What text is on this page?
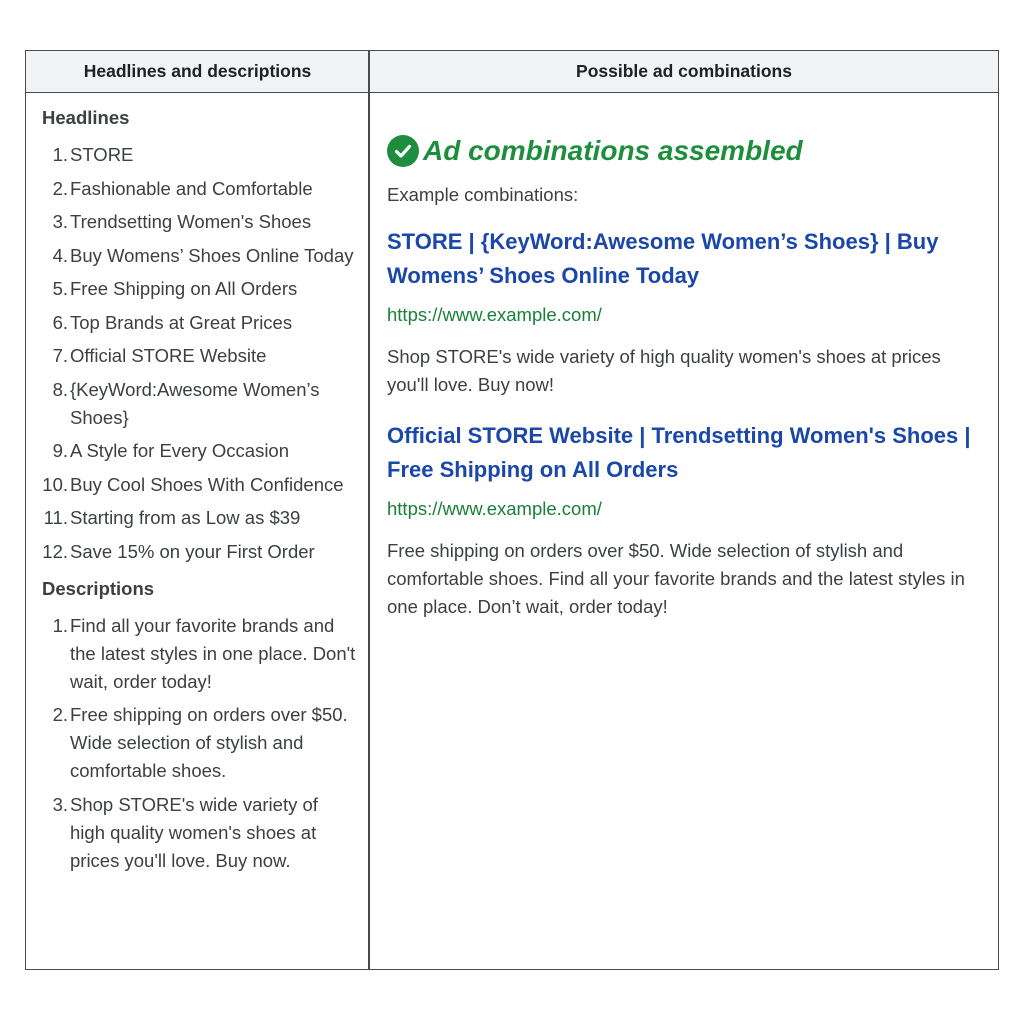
Headlines and descriptions	Possible ad combinations
Headlines
1. STORE
2. Fashionable and Comfortable
3. Trendsetting Women's Shoes
4. Buy Womens’ Shoes Online Today
5. Free Shipping on All Orders
6. Top Brands at Great Prices
7. Official STORE Website
8. {KeyWord:Awesome Women’s Shoes}
9. A Style for Every Occasion
10. Buy Cool Shoes With Confidence
11. Starting from as Low as $39
12. Save 15% on your First Order
Descriptions
1. Find all your favorite brands and the latest styles in one place. Don't wait, order today!
2. Free shipping on orders over $50. Wide selection of stylish and comfortable shoes.
3. Shop STORE's wide variety of high quality women's shoes at prices you'll love. Buy now.
Ad combinations assembled
Example combinations:
STORE | {KeyWord:Awesome Women’s Shoes} | Buy Womens’ Shoes Online Today
https://www.example.com/
Shop STORE's wide variety of high quality women's shoes at prices you'll love. Buy now!
Official STORE Website | Trendsetting Women's Shoes | Free Shipping on All Orders
https://www.example.com/
Free shipping on orders over $50. Wide selection of stylish and comfortable shoes. Find all your favorite brands and the latest styles in one place. Don’t wait, order today!
